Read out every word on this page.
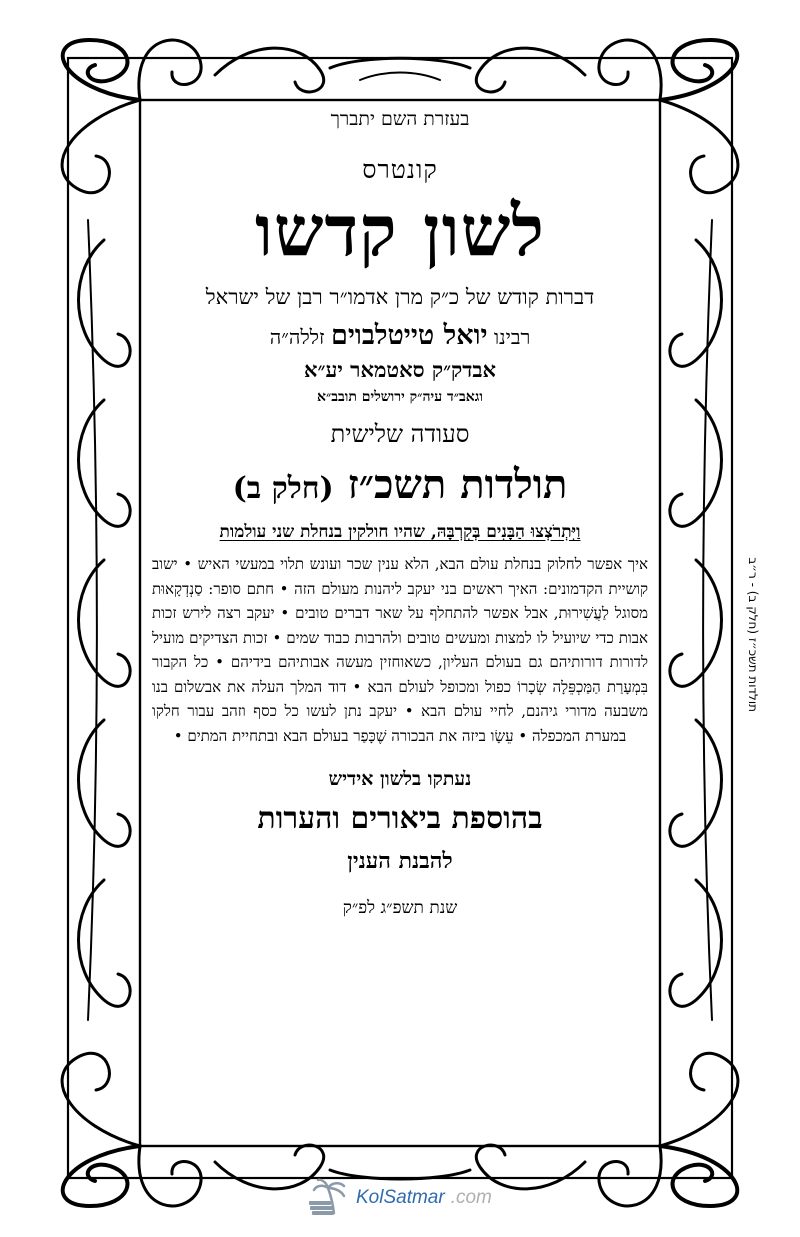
בעזרת השם יתברך

קונטרס

לשון קדשו

דברות קודש של כ״ק מרן אדמו״ר רבן של ישראל

רבינו יואל טייטלבוים זללה״ה

אבדק״ק סאטמאר יע״א

וגאב״ד עיה״ק ירושלים תובב״א

סעודה שלישית

תולדות תשכ״ז (חלק ב)

וַיִּתְרֹצְצוּ הַבָּנִים בְּקִרְבָּהּ, שהיו חולקין בנחלת שני עולמות

איך אפשר לחלוק בנחלת עולם הבא, הלא ענין שכר ועונש תלוי במעשי האיש • ישוב קושיית הקדמונים: האיך ראשים בני יעקב ליהנות מעולם הזה • חתם סופר: סַנְדְקָאוּת מסוגל לַעֲשִׁירוּת, אבל אפשר להתחלף על שאר דברים טובים • יעקב רצה לירש זכות אבות כדי שיועיל לו למצות ומעשים טובים ולהרבות כבוד שמים • זכות הצדיקים מועיל לדורות דורותיהם גם בעולם העליון, כשאוחזין מעשה אבותיהם בידיהם • כל הקבור בִּמְעָרַת הַמַּכְפֵּלָה שְׂכָרוֹ כפול ומכופל לעולם הבא • דוד המלך העלה את אבשלום בנו משבעה מדורי גיהנם, לחיי עולם הבא • יעקב נתן לעשו כל כסף וזהב עבור חלקו במערת המכפלה • עֵשָׂו ביזה את הבכורה שֶׁכָּפַר בעולם הבא ובתחיית המתים •

נעתקו בלשון אידיש

בהוספת ביאורים והערות

להבנת הענין

שנת תשפ״ג לפ״ק

תולדות תשכ״ז (חלק ב) - ר״ב
KolSatmar .com
